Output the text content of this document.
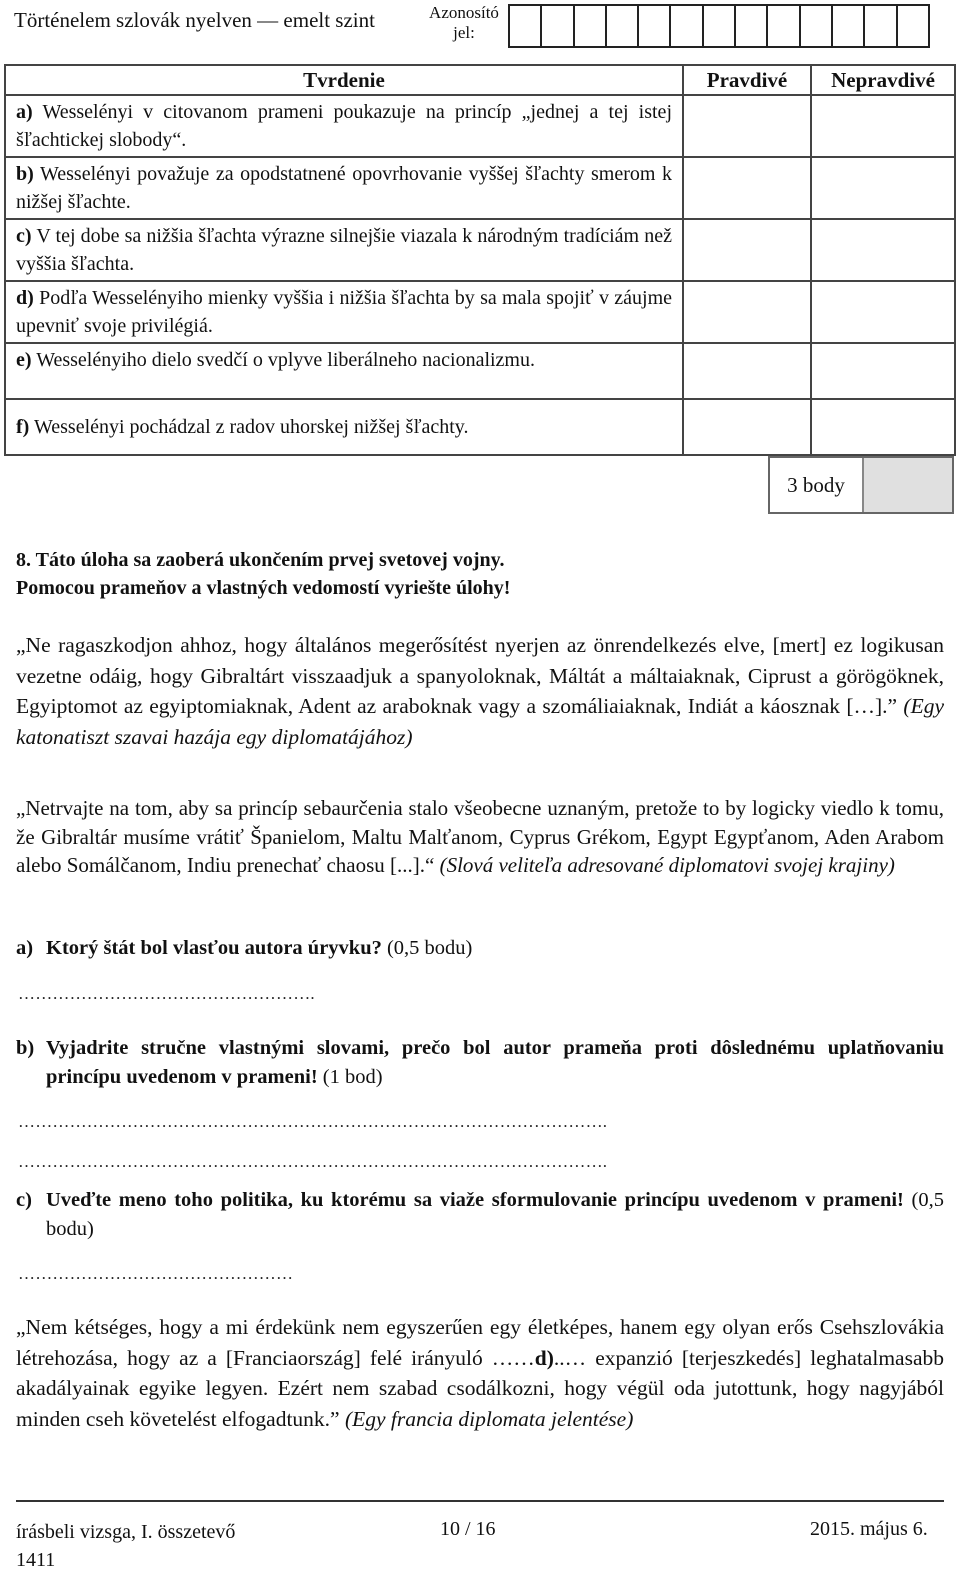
Történelem szlovák nyelven — emelt szint	Azonosító
jel:
Tvrdenie	Pravdivé	Nepravdivé
a) Wesselényi v citovanom prameni poukazuje na princíp „jednej a tej istej šľachtickej slobody“.		
b) Wesselényi považuje za opodstatnené opovrhovanie vyššej šľachty smerom k nižšej šľachte.		
c) V tej dobe sa nižšia šľachta výrazne silnejšie viazala k národným tradíciám než vyššia šľachta.		
d) Podľa Wesselényiho mienky vyššia i nižšia šľachta by sa mala spojiť v záujme upevniť svoje privilégiá.		
e) Wesselényiho dielo svedčí o vplyve liberálneho nacionalizmu.		
f) Wesselényi pochádzal z radov uhorskej nižšej šľachty.		
3 body
8. Táto úloha sa zaoberá ukončením prvej svetovej vojny.
Pomocou prameňov a vlastných vedomostí vyriešte úlohy!
„Ne ragaszkodjon ahhoz, hogy általános megerősítést nyerjen az önrendelkezés elve, [mert] ez logikusan vezetne odáig, hogy Gibraltárt visszaadjuk a spanyoloknak, Máltát a máltaiaknak, Ciprust a görögöknek, Egyiptomot az egyiptomiaknak, Adent az araboknak vagy a szomáliaiaknak, Indiát a káosznak […].” (Egy katonatiszt szavai hazája egy diplomatájához)
„Netrvajte na tom, aby sa princíp sebaurčenia stalo všeobecne uznaným, pretože to by logicky viedlo k tomu, že Gibraltár musíme vrátiť Španielom, Maltu Malťanom, Cyprus Grékom, Egypt Egypťanom, Aden Arabom alebo Somálčanom, Indiu prenechať chaosu [...].“ (Slová veliteľa adresované diplomatovi svojej krajiny)
a) Ktorý štát bol vlasťou autora úryvku? (0,5 bodu)
…………………………………………….
b) Vyjadrite stručne vlastnými slovami, prečo bol autor prameňa proti dôslednému uplatňovaniu princípu uvedenom v prameni! (1 bod)
………………………………………………………………………………………….
………………………………………………………………………………………….
c) Uveďte meno toho politika, ku ktorému sa viaže sformulovanie princípu uvedenom v prameni! (0,5 bodu)
…………………………………………
„Nem kétséges, hogy a mi érdekünk nem egyszerűen egy életképes, hanem egy olyan erős Csehszlovákia létrehozása, hogy az a [Franciaország] felé irányuló ……d)..… expanzió [terjeszkedés] leghatalmasabb akadályainak egyike legyen. Ezért nem szabad csodálkozni, hogy végül oda jutottunk, hogy nagyjából minden cseh követelést elfogadtunk.” (Egy francia diplomata jelentése)
írásbeli vizsga, I. összetevő
1411
10 / 16	2015. május 6.
